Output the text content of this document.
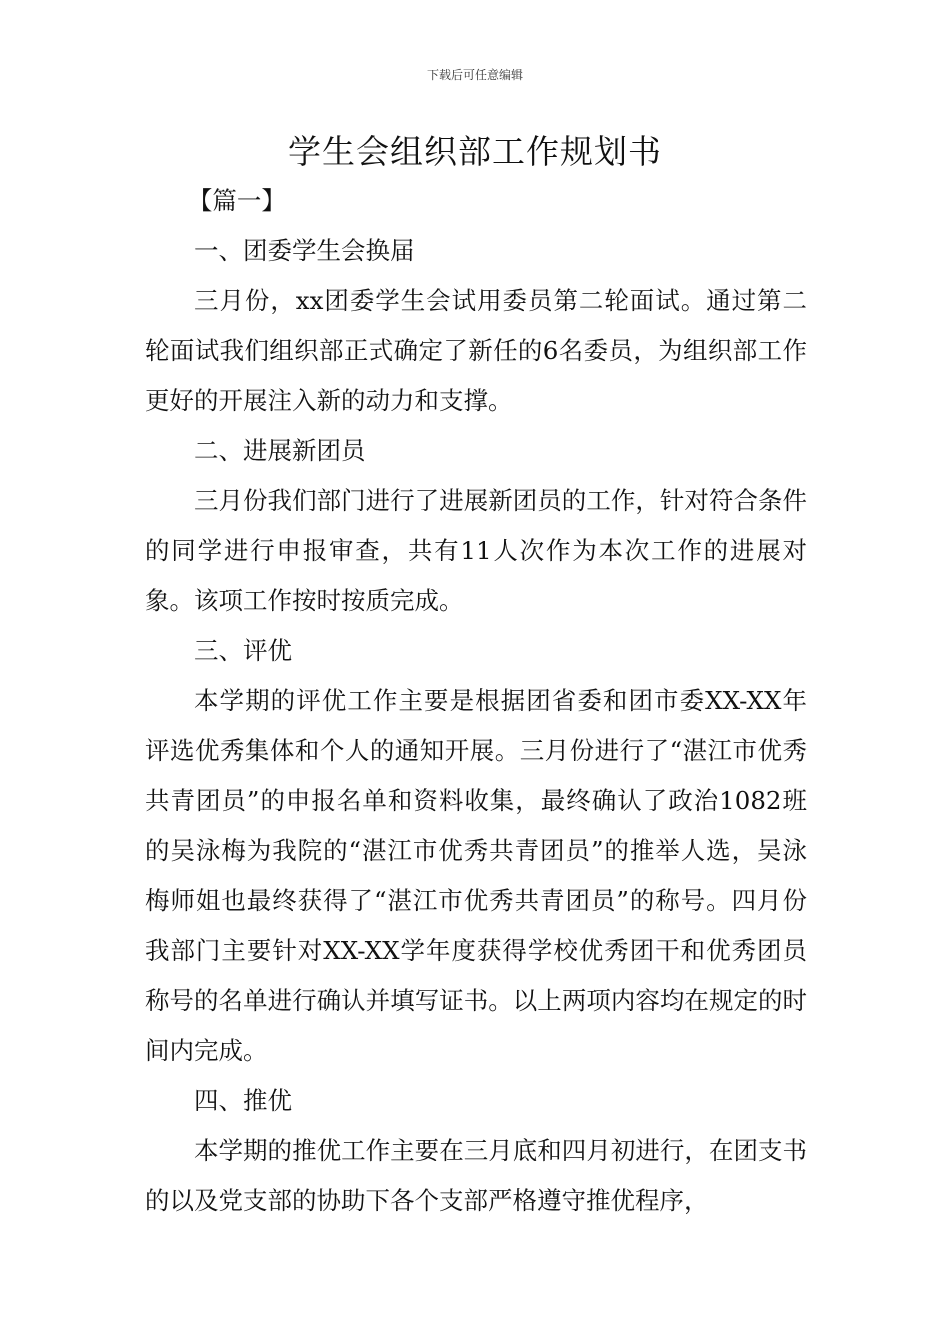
下载后可任意编辑
学生会组织部工作规划书

【篇一】

一、团委学生会换届

三月份，xx团委学生会试用委员第二轮面试。通过第二轮面试我们组织部正式确定了新任的6名委员，为组织部工作更好的开展注入新的动力和支撑。

二、进展新团员

三月份我们部门进行了进展新团员的工作，针对符合条件的同学进行申报审查，共有11人次作为本次工作的进展对象。该项工作按时按质完成。

三、评优

本学期的评优工作主要是根据团省委和团市委XX-XX年评选优秀集体和个人的通知开展。三月份进行了“湛江市优秀共青团员”的申报名单和资料收集，最终确认了政治1082班的吴泳梅为我院的“湛江市优秀共青团员”的推举人选，吴泳梅师姐也最终获得了“湛江市优秀共青团员”的称号。四月份我部门主要针对XX-XX学年度获得学校优秀团干和优秀团员称号的名单进行确认并填写证书。以上两项内容均在规定的时间内完成。

四、推优

本学期的推优工作主要在三月底和四月初进行，在团支书的以及党支部的协助下各个支部严格遵守推优程序，
